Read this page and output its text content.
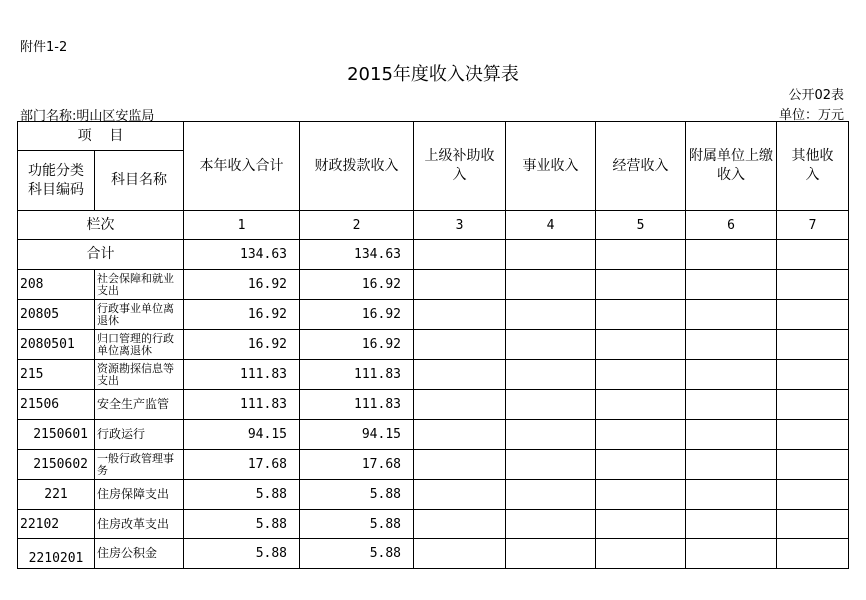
附件1-2
2015年度收入决算表
公开02表
部门名称:明山区安监局	单位：万元
项    目		本年收入合计	财政拨款收入	上级补助收入	事业收入	经营收入	附属单位上缴收入	其他收入
功能分类科目编码	科目名称							
栏次		1	2	3	4	5	6	7
合计		134.63	134.63					
208	社会保障和就业支出	16.92	16.92					
20805	行政事业单位离退休	16.92	16.92					
2080501	归口管理的行政单位离退休	16.92	16.92					
215	资源勘探信息等支出	111.83	111.83					
21506	安全生产监管	111.83	111.83					
2150601	行政运行	94.15	94.15					
2150602	一般行政管理事务	17.68	17.68					
221	住房保障支出	5.88	5.88					
22102	住房改革支出	5.88	5.88					
2210201	住房公积金	5.88	5.88					
